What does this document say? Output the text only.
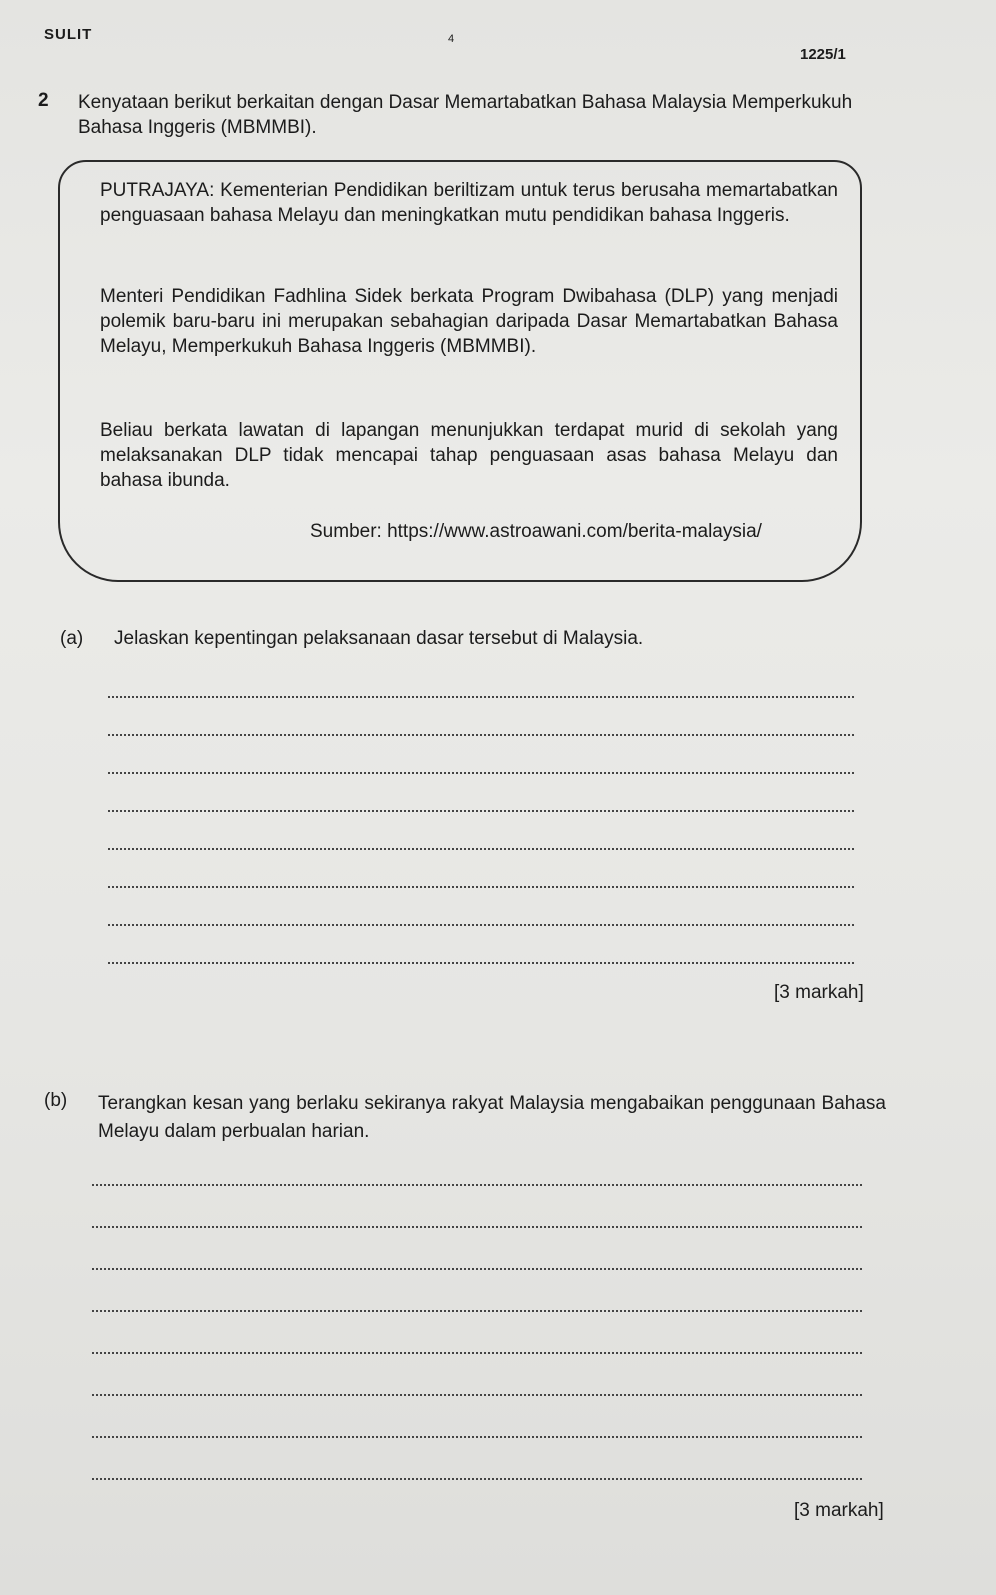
SULIT	4
1225/1
2 Kenyataan berikut berkaitan dengan Dasar Memartabatkan Bahasa Malaysia Memperkukuh Bahasa Inggeris (MBMMBI).
PUTRAJAYA: Kementerian Pendidikan beriltizam untuk terus berusaha memartabatkan penguasaan bahasa Melayu dan meningkatkan mutu pendidikan bahasa Inggeris.
Menteri Pendidikan Fadhlina Sidek berkata Program Dwibahasa (DLP) yang menjadi polemik baru-baru ini merupakan sebahagian daripada Dasar Memartabatkan Bahasa Melayu, Memperkukuh Bahasa Inggeris (MBMMBI).
Beliau berkata lawatan di lapangan menunjukkan terdapat murid di sekolah yang melaksanakan DLP tidak mencapai tahap penguasaan asas bahasa Melayu dan bahasa ibunda.
Sumber: https://www.astroawani.com/berita-malaysia/
(a) Jelaskan kepentingan pelaksanaan dasar tersebut di Malaysia.
[3 markah]
(b) Terangkan kesan yang berlaku sekiranya rakyat Malaysia mengabaikan penggunaan Bahasa Melayu dalam perbualan harian.
[3 markah]
